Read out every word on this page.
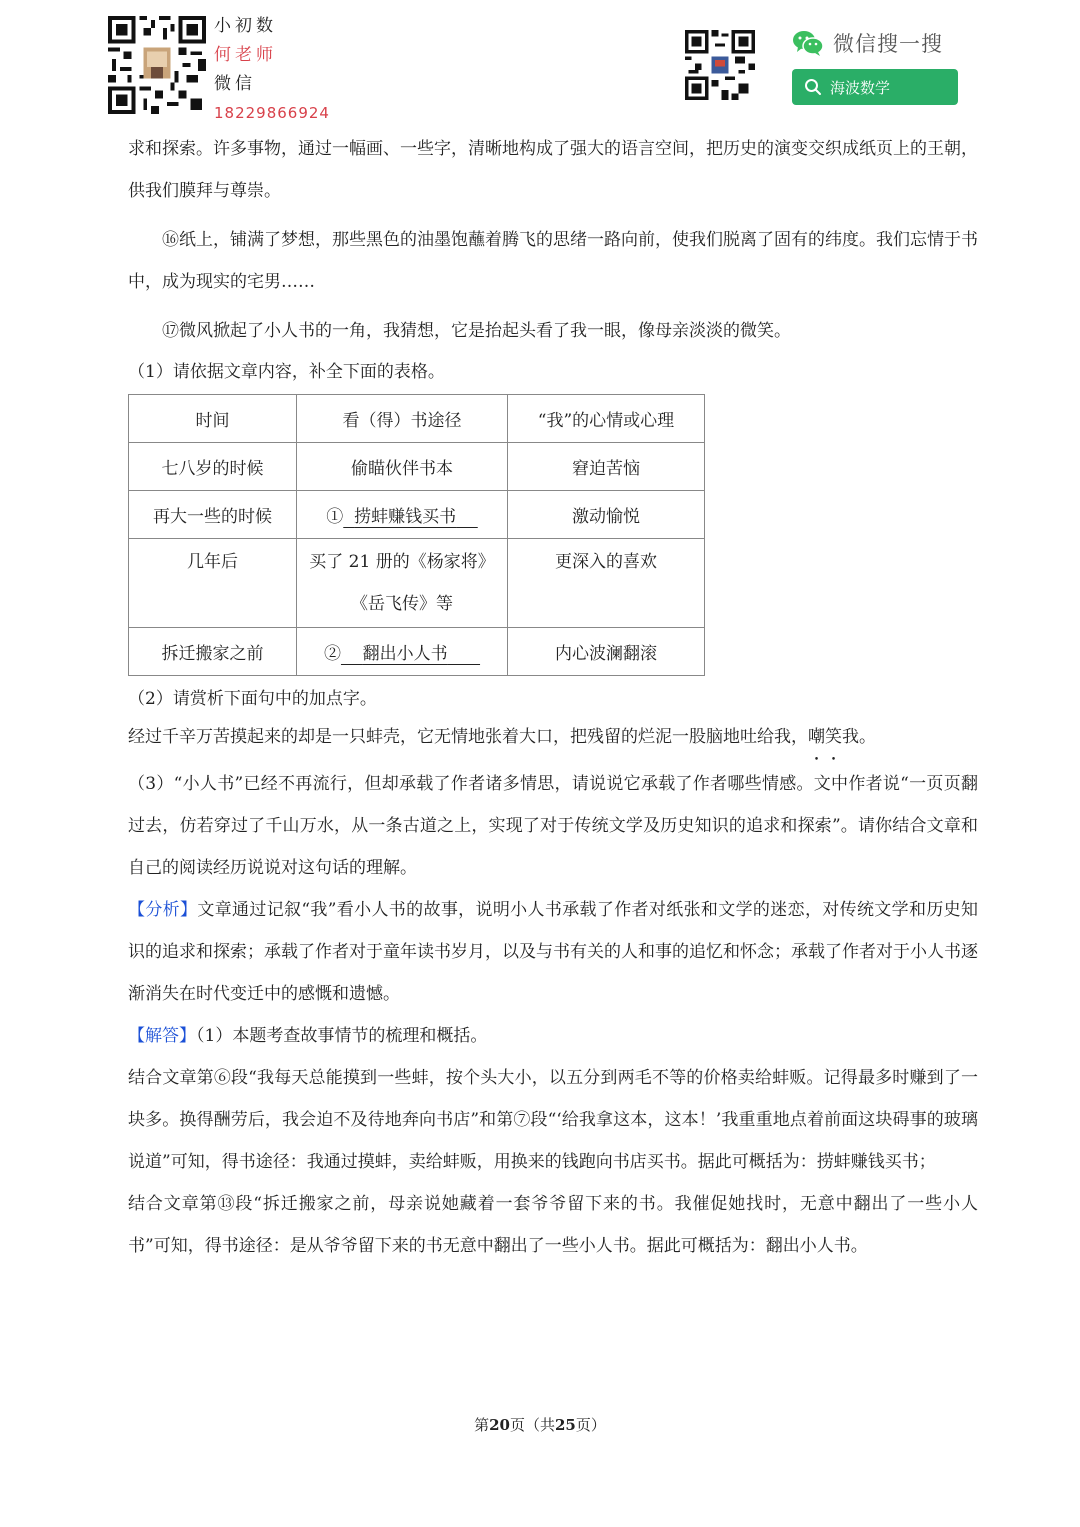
小初数
何老师
微信
18229866924
微信搜一搜
海波数学

求和探索。许多事物，通过一幅画、一些字，清晰地构成了强大的语言空间，把历史的演变交织成纸页上的王朝，供我们膜拜与尊崇。

⑯纸上，铺满了梦想，那些黑色的油墨饱蘸着腾飞的思绪一路向前，使我们脱离了固有的纬度。我们忘情于书中，成为现实的宅男……

⑰微风掀起了小人书的一角，我猜想，它是抬起头看了我一眼，像母亲淡淡的微笑。

（1）请依据文章内容，补全下面的表格。

时间	看（得）书途径	“我”的心情或心理
七八岁的时候	偷瞄伙伴书本	窘迫苦恼
再大一些的时候	①  捞蚌赚钱买书  	激动愉悦
几年后	买了 21 册的《杨家将》《岳飞传》等	更深入的喜欢
拆迁搬家之前	②   翻出小人书   	内心波澜翻滚

（2）请赏析下面句中的加点字。

经过千辛万苦摸起来的却是一只蚌壳，它无情地张着大口，把残留的烂泥一股脑地吐给我，嘲笑我。

（3）“小人书”已经不再流行，但却承载了作者诸多情思，请说说它承载了作者哪些情感。文中作者说“一页页翻过去，仿若穿过了千山万水，从一条古道之上，实现了对于传统文学及历史知识的追求和探索”。请你结合文章和自己的阅读经历说说对这句话的理解。

【分析】文章通过记叙“我”看小人书的故事，说明小人书承载了作者对纸张和文学的迷恋，对传统文学和历史知识的追求和探索；承载了作者对于童年读书岁月，以及与书有关的人和事的追忆和怀念；承载了作者对于小人书逐渐消失在时代变迁中的感慨和遗憾。

【解答】（1）本题考查故事情节的梳理和概括。

结合文章第⑥段“我每天总能摸到一些蚌，按个头大小，以五分到两毛不等的价格卖给蚌贩。记得最多时赚到了一块多。换得酬劳后，我会迫不及待地奔向书店”和第⑦段“‘给我拿这本，这本！’我重重地点着前面这块碍事的玻璃说道”可知，得书途径：我通过摸蚌，卖给蚌贩，用换来的钱跑向书店买书。据此可概括为：捞蚌赚钱买书；

结合文章第⑬段“拆迁搬家之前，母亲说她藏着一套爷爷留下来的书。我催促她找时，无意中翻出了一些小人书”可知，得书途径：是从爷爷留下来的书无意中翻出了一些小人书。据此可概括为：翻出小人书。

第20页（共25页）
